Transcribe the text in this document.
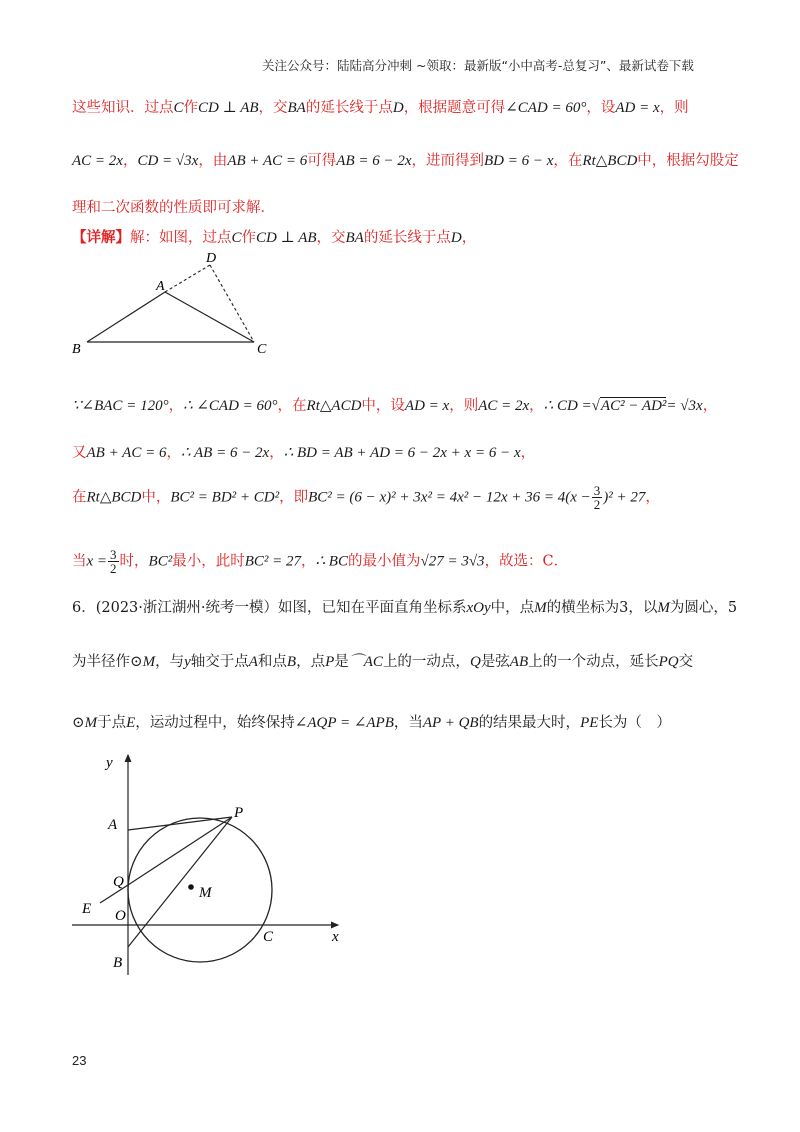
关注公众号：陆陆高分冲刺 ~领取：最新版“小中高考-总复习”、最新试卷下载
这些知识．过点C作CD ⊥ AB，交BA的延长线于点D，根据题意可得∠CAD = 60°，设AD = x，则
AC = 2x，CD = √3x，由AB + AC = 6可得AB = 6 − 2x，进而得到BD = 6 − x，在Rt△BCD中，根据勾股定
理和二次函数的性质即可求解．
【详解】解：如图，过点C作CD ⊥ AB，交BA的延长线于点D，
D
A
B	C
∵∠BAC = 120°，∴ ∠CAD = 60°，在Rt△ACD中，设AD = x，则AC = 2x，∴ CD =√AC² − AD²= √3x，
又AB + AC = 6，∴ AB = 6 − 2x，∴ BD = AB + AD = 6 − 2x + x = 6 − x，
在Rt△BCD中，BC² = BD² + CD²，即$BC^2 = (6 - x)^2 + 3x^2 = 4x^2 - 12x + 36 = 4(x - \frac{3}{2} )^2 + 27$，
当$x = \frac{3}{2}$ 时，BC²最小，此时BC² = 27，∴ BC的最小值为√27 = 3√3，故选：C．
6．(2023·浙江湖州·统考一模）如图，已知在平面直角坐标系xOy中，点M的横坐标为3，以M为圆心，5
为半径作⊙M，与y轴交于点A和点B，点P是⌒AC上的一动点，Q是弦AB上的一个动点，延长PQ交
⊙M于点E，运动过程中，始终保持∠AQP = ∠APB，当AP + QB的结果最大时，PE长为（　）
y
x
A
P
Q
M
E O
C
B
23
